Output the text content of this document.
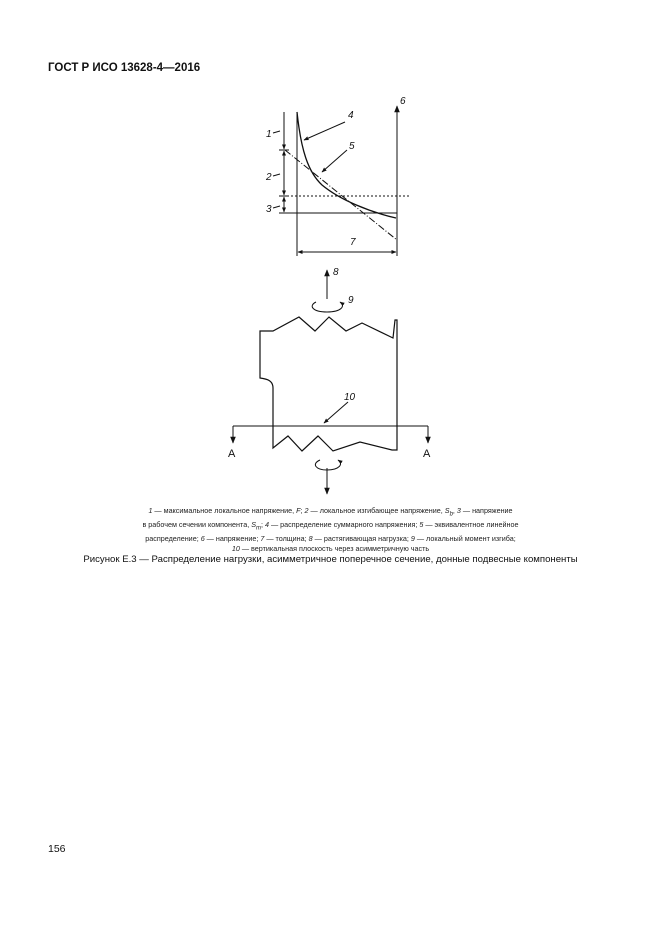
ГОСТ Р ИСО 13628-4—2016
1
2
3
4
5
6
7
8
9
10
A	A
1 — максимальное локальное напряжение, F; 2 — локальное изгибающее напряжение, $S_b$, 3 — напряжение
в рабочем сечении компонента, $S_m$; 4 — распределение суммарного напряжения; 5 — эквивалентное линейное
распределение; 6 — напряжение; 7 — толщина; 8 — растягивающая нагрузка; 9 — локальный момент изгиба;
10 — вертикальная плоскость через асимметричную часть
Рисунок Е.3 — Распределение нагрузки, асимметричное поперечное сечение, донные подвесные компоненты
156
